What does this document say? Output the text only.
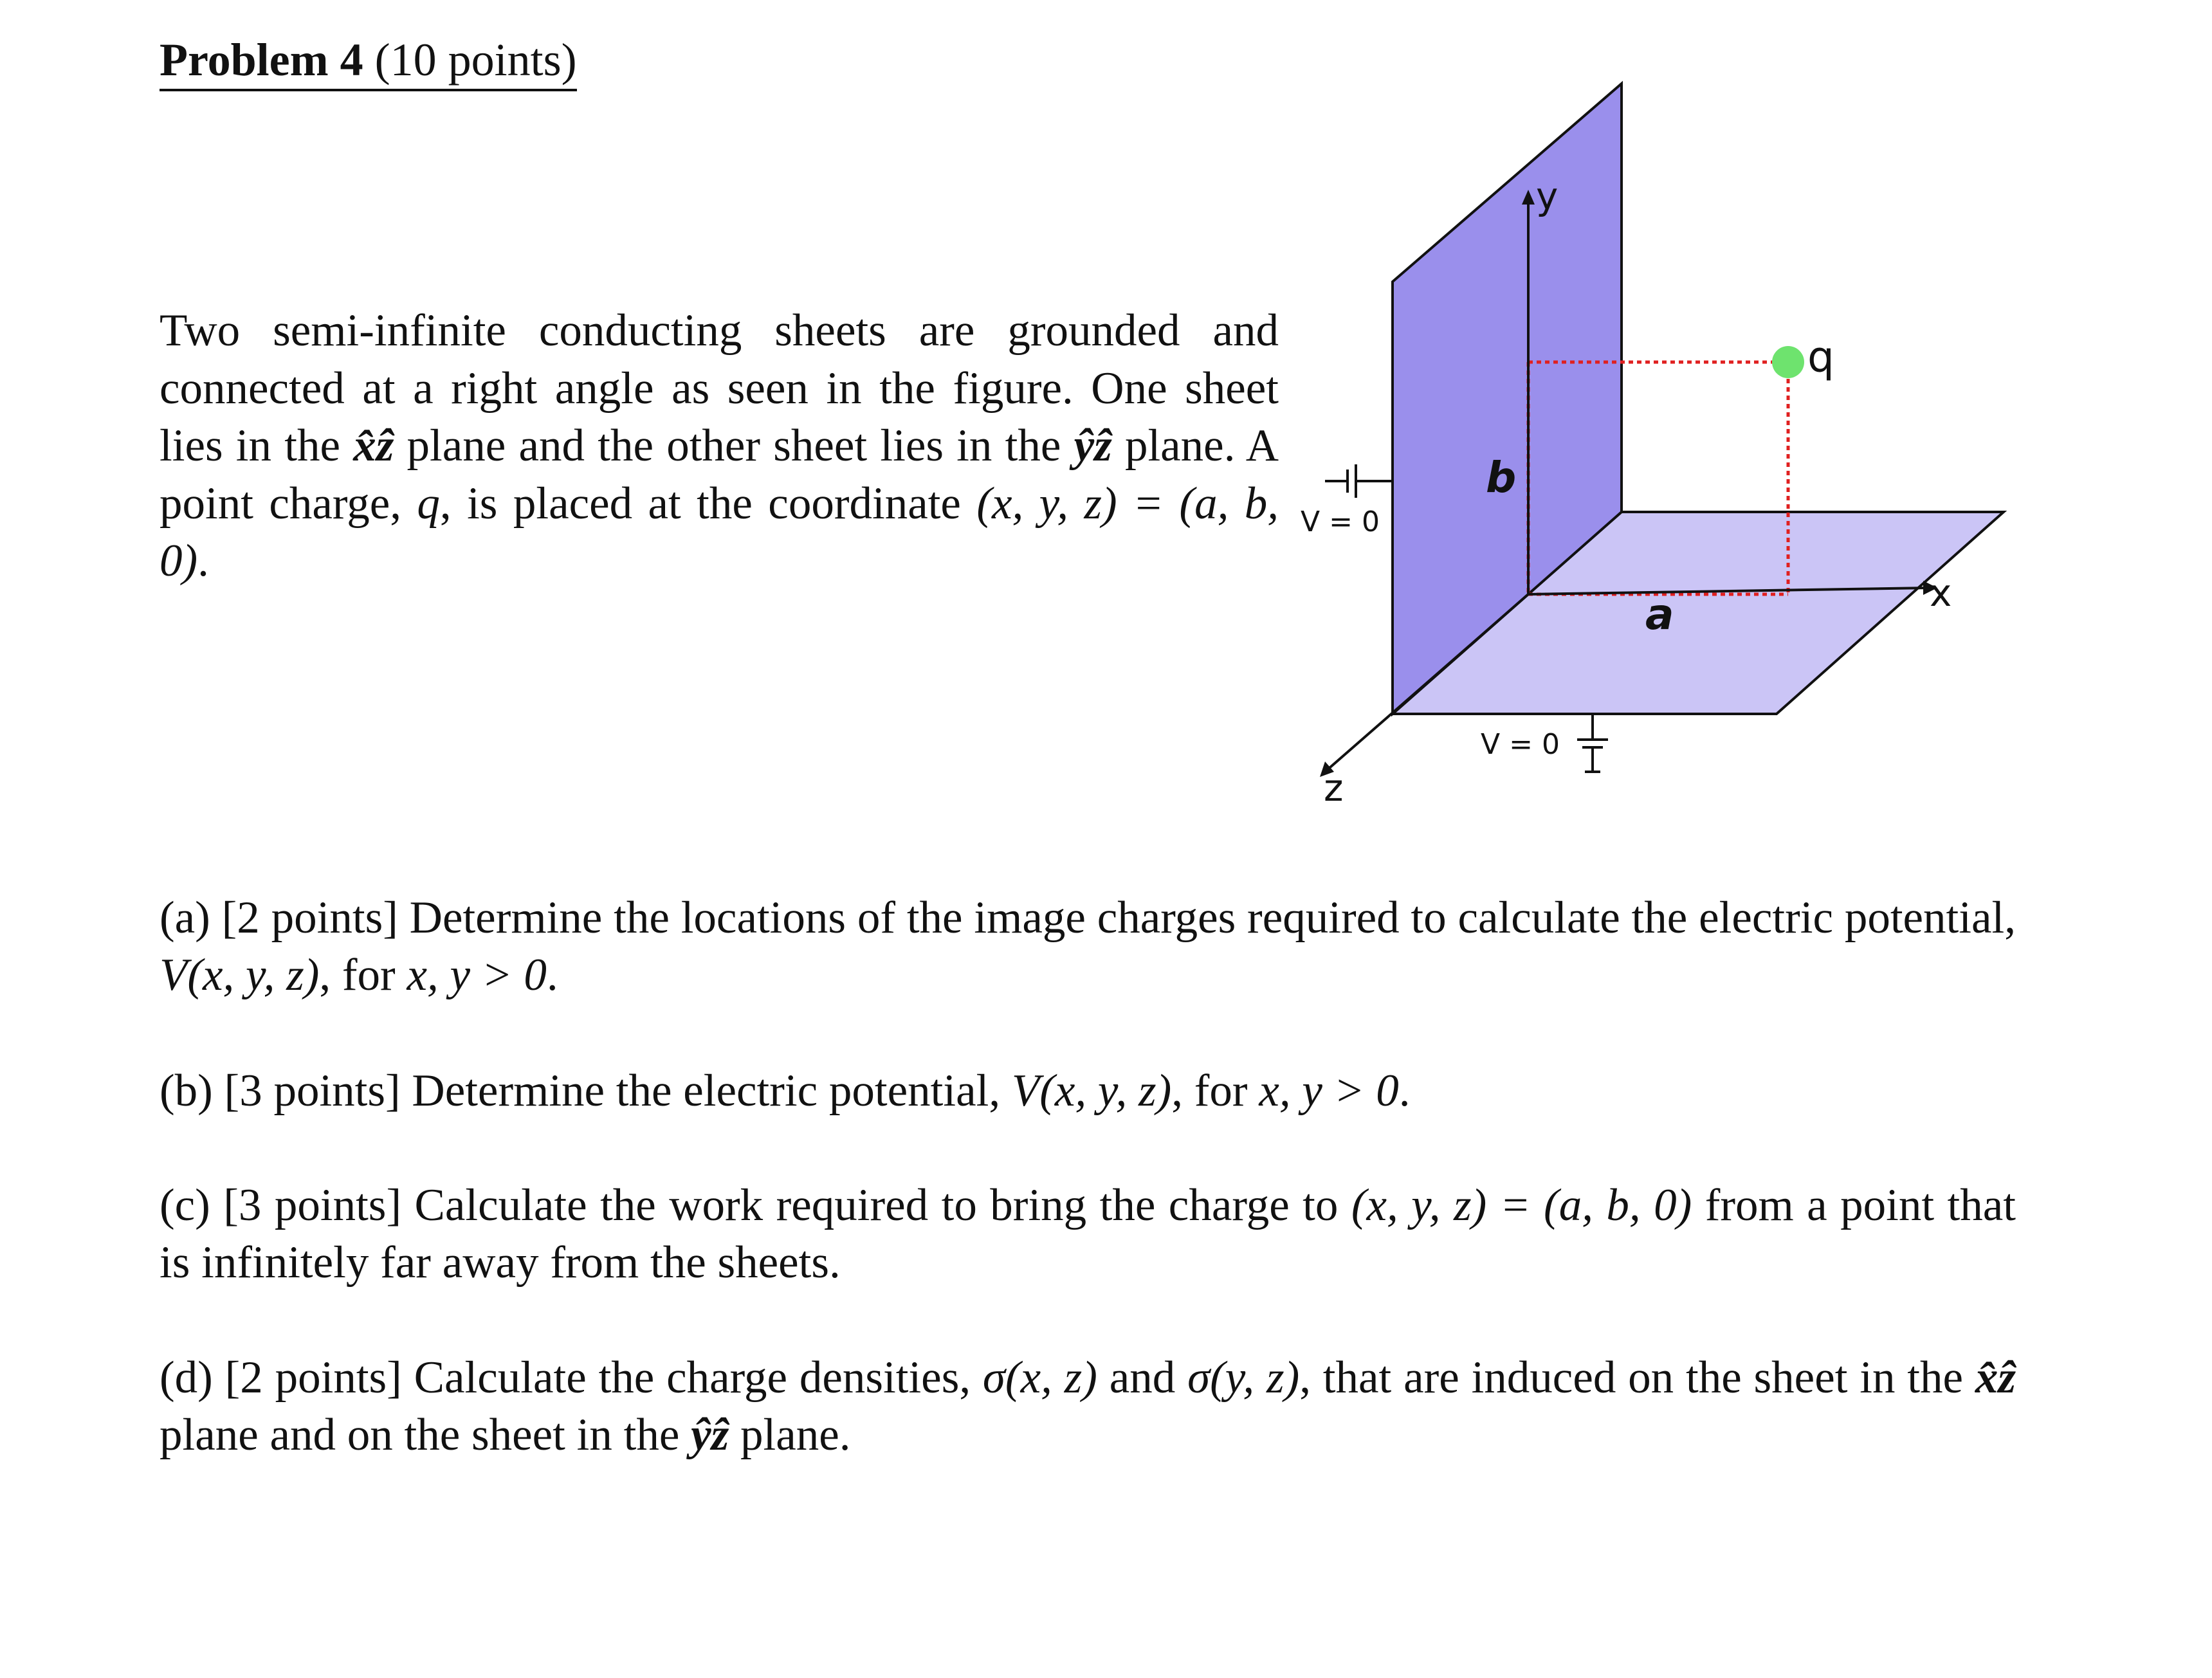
Problem 4 (10 points)
Two semi-infinite conducting sheets are grounded and connected at a right angle as seen in the figure. One sheet lies in the x̂ẑ plane and the other sheet lies in the ŷẑ plane. A point charge, q, is placed at the coordinate (x, y, z) = (a, b, 0).
y
x
z
q
a
b
V = 0
V = 0
(a) [2 points] Determine the locations of the image charges required to calculate the electric potential, V(x, y, z), for x, y > 0.
(b) [3 points] Determine the electric potential, V(x, y, z), for x, y > 0.
(c) [3 points] Calculate the work required to bring the charge to (x, y, z) = (a, b, 0) from a point that is infinitely far away from the sheets.
(d) [2 points] Calculate the charge densities, σ(x, z) and σ(y, z), that are induced on the sheet in the x̂ẑ plane and on the sheet in the ŷẑ plane.
